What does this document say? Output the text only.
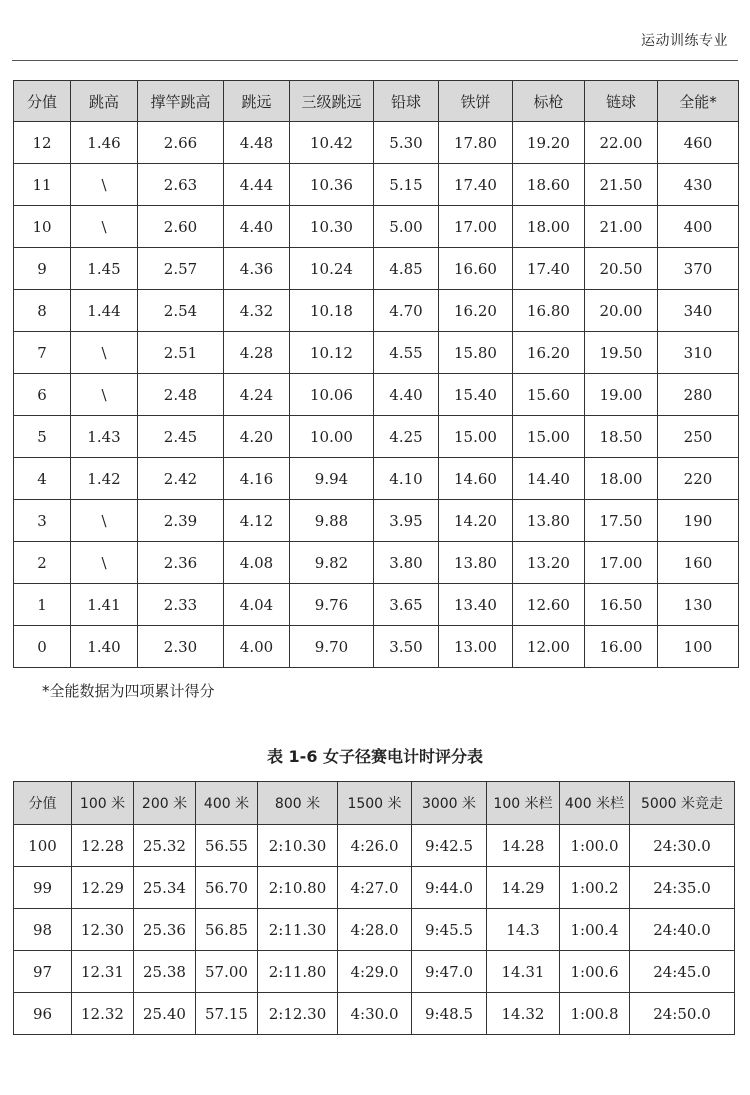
运动训练专业
分值	跳高	撑竿跳高	跳远	三级跳远	铅球	铁饼	标枪	链球	全能*
12	1.46	2.66	4.48	10.42	5.30	17.80	19.20	22.00	460
11	\	2.63	4.44	10.36	5.15	17.40	18.60	21.50	430
10	\	2.60	4.40	10.30	5.00	17.00	18.00	21.00	400
9	1.45	2.57	4.36	10.24	4.85	16.60	17.40	20.50	370
8	1.44	2.54	4.32	10.18	4.70	16.20	16.80	20.00	340
7	\	2.51	4.28	10.12	4.55	15.80	16.20	19.50	310
6	\	2.48	4.24	10.06	4.40	15.40	15.60	19.00	280
5	1.43	2.45	4.20	10.00	4.25	15.00	15.00	18.50	250
4	1.42	2.42	4.16	9.94	4.10	14.60	14.40	18.00	220
3	\	2.39	4.12	9.88	3.95	14.20	13.80	17.50	190
2	\	2.36	4.08	9.82	3.80	13.80	13.20	17.00	160
1	1.41	2.33	4.04	9.76	3.65	13.40	12.60	16.50	130
0	1.40	2.30	4.00	9.70	3.50	13.00	12.00	16.00	100
*全能数据为四项累计得分
表 1-6 女子径赛电计时评分表
分值	100 米	200 米	400 米	800 米	1500 米	3000 米	100 米栏	400 米栏	5000 米竞走
100	12.28	25.32	56.55	2:10.30	4:26.0	9:42.5	14.28	1:00.0	24:30.0
99	12.29	25.34	56.70	2:10.80	4:27.0	9:44.0	14.29	1:00.2	24:35.0
98	12.30	25.36	56.85	2:11.30	4:28.0	9:45.5	14.3	1:00.4	24:40.0
97	12.31	25.38	57.00	2:11.80	4:29.0	9:47.0	14.31	1:00.6	24:45.0
96	12.32	25.40	57.15	2:12.30	4:30.0	9:48.5	14.32	1:00.8	24:50.0
